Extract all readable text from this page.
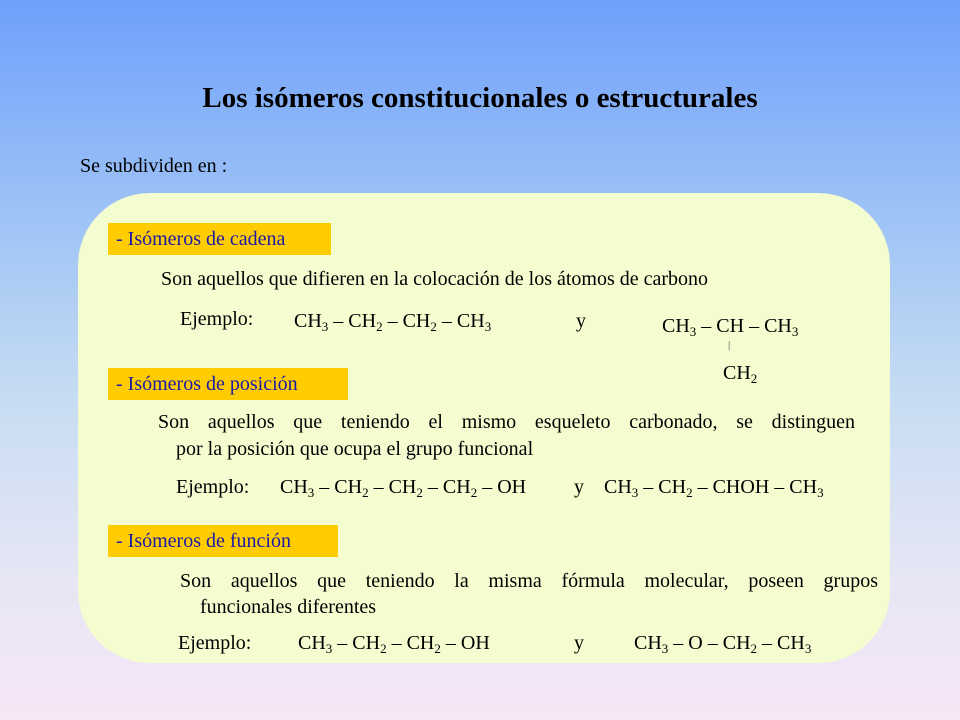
Los isómeros constitucionales o estructurales
Se subdividen en :
- Isómeros de cadena
Son aquellos que difieren en la colocación de los átomos de carbono
Ejemplo: $CH_3 - CH_2 - CH_2 - CH_3$	y	$CH_3$ – CH – $CH_3$
|
$CH_2$
- Isómeros de posición
Son aquellos que teniendo el mismo esqueleto carbonado, se distinguen
por la posición que ocupa el grupo funcional
Ejemplo: $CH_3 - CH_2 - CH_2 - CH_2$ – OH y $CH_3 - CH_2$ – CHOH – $CH_3$
- Isómeros de función
Son aquellos que teniendo la misma fórmula molecular, poseen grupos
funcionales diferentes
Ejemplo: $CH_3 - CH_2 - CH_2$ – OH	y	$CH_3$ – O – $CH_2 - CH_3$
